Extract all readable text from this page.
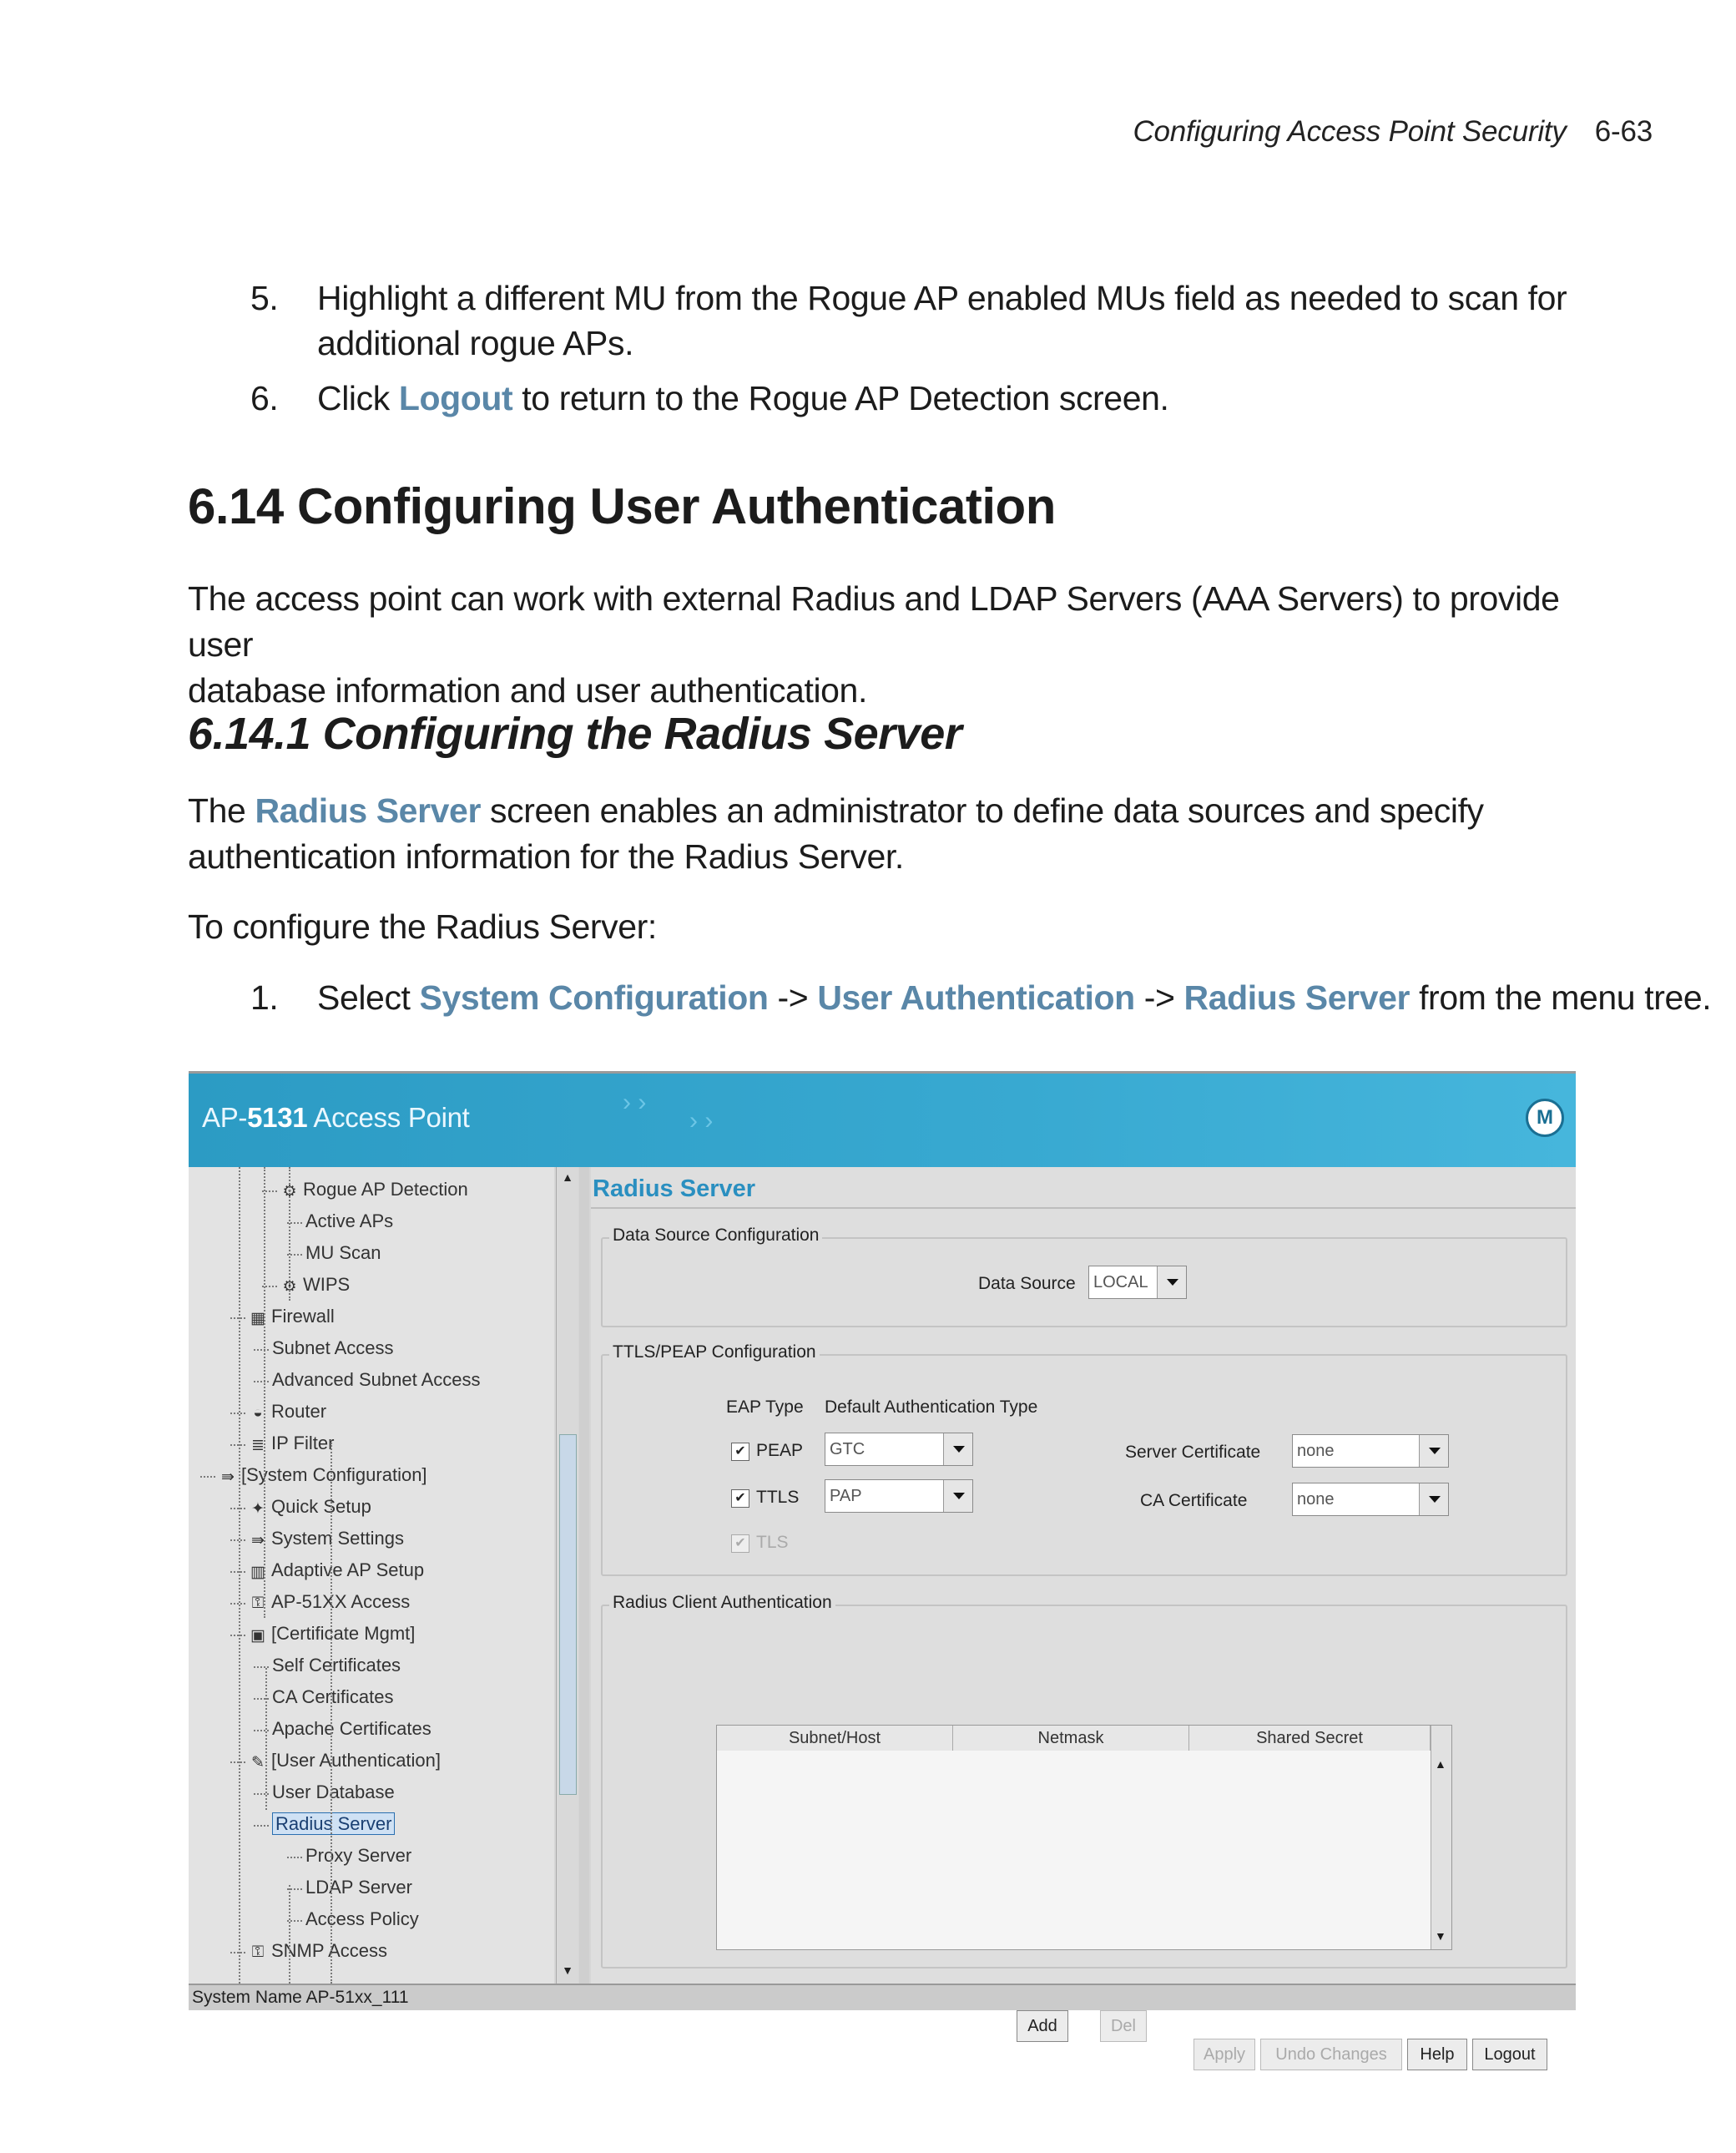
Configuring Access Point Security 6-63
5.	Highlight a different MU from the Rogue AP enabled MUs field as needed to scan for
additional rogue APs.
6.	Click Logout to return to the Rogue AP Detection screen.
6.14 Configuring User Authentication
The access point can work with external Radius and LDAP Servers (AAA Servers) to provide user
database information and user authentication.
6.14.1 Configuring the Radius Server
The Radius Server screen enables an administrator to define data sources and specify
authentication information for the Radius Server.
To configure the Radius Server:
1.	Select System Configuration -> User Authentication -> Radius Server from the menu tree.
› ›
› ›
AP-5131 Access Point	M
⚙ Rogue AP Detection
Active APs
MU Scan
⚙ WIPS
▦ Firewall
Subnet Access
Advanced Subnet Access
◒ Router
≣ IP Filter
⇛ [System Configuration]
✦ Quick Setup
⇛ System Settings
▥ Adaptive AP Setup
⚿ AP-51XX Access
▣ [Certificate Mgmt]
Self Certificates
CA Certificates
Apache Certificates
✎ [User Authentication]
User Database
Radius Server
Proxy Server
LDAP Server
Access Policy
⚿ SNMP Access
▲
▼
Radius Server
Data Source Configuration
Data Source LOCAL
TTLS/PEAP Configuration
EAP Type Default Authentication Type
✔ PEAP GTC
✔ TTLS PAP
✔ TLS
Server Certificate none
CA Certificate	none
Radius Client Authentication
Subnet/Host	Netmask	Shared Secret
▲
▼
Add	Del
Apply	Undo Changes	Help	Logout
System Name AP-51xx_111
